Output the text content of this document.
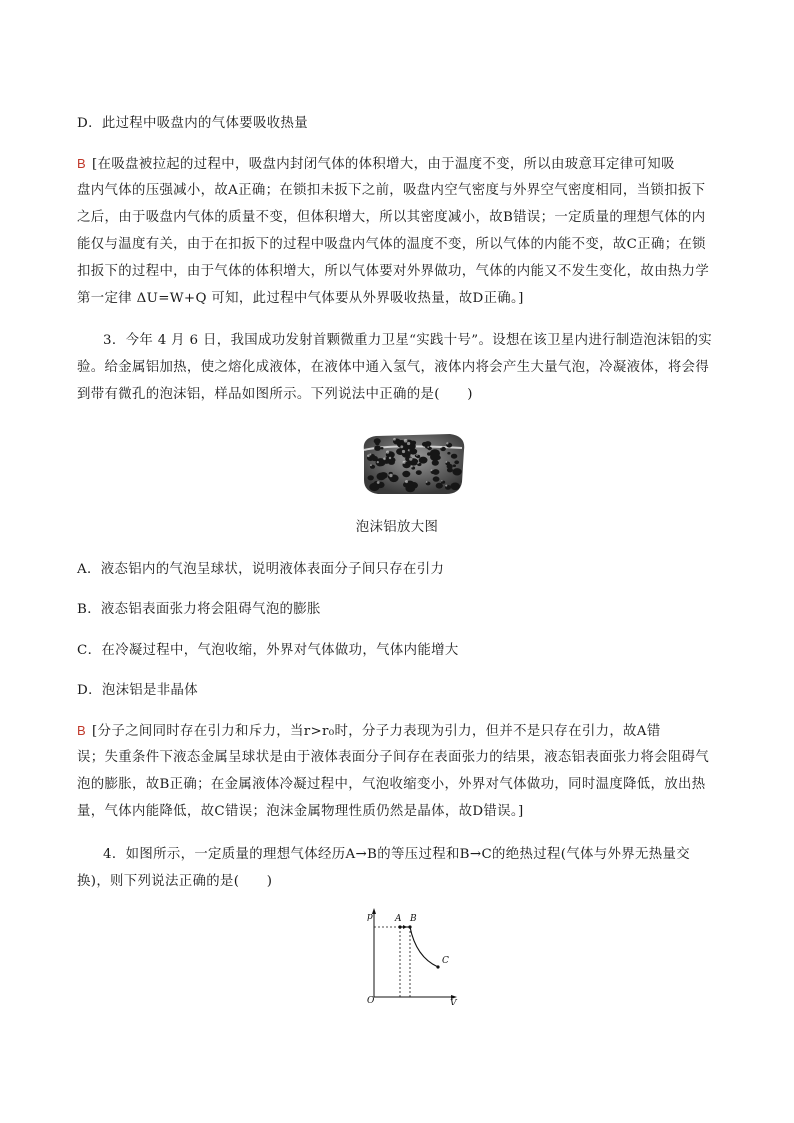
D．此过程中吸盘内的气体要吸收热量
B [在吸盘被拉起的过程中，吸盘内封闭气体的体积增大，由于温度不变，所以由玻意耳定律可知吸
盘内气体的压强减小，故A正确；在锁扣未扳下之前，吸盘内空气密度与外界空气密度相同，当锁扣扳下
之后，由于吸盘内气体的质量不变，但体积增大，所以其密度减小，故B错误；一定质量的理想气体的内
能仅与温度有关，由于在扣扳下的过程中吸盘内气体的温度不变，所以气体的内能不变，故C正确；在锁
扣扳下的过程中，由于气体的体积增大，所以气体要对外界做功，气体的内能又不发生变化，故由热力学
第一定律 ΔU=W+Q 可知，此过程中气体要从外界吸收热量，故D正确。]
3．今年 4 月 6 日，我国成功发射首颗微重力卫星“实践十号”。设想在该卫星内进行制造泡沫铝的实
验。给金属铝加热，使之熔化成液体，在液体中通入氢气，液体内将会产生大量气泡，冷凝液体，将会得
到带有微孔的泡沫铝，样品如图所示。下列说法中正确的是(　　)
泡沫铝放大图
A．液态铝内的气泡呈球状，说明液体表面分子间只存在引力
B．液态铝表面张力将会阻碍气泡的膨胀
C．在冷凝过程中，气泡收缩，外界对气体做功，气体内能增大
D．泡沫铝是非晶体
B [分子之间同时存在引力和斥力，当r>r₀时，分子力表现为引力，但并不是只存在引力，故A错
误；失重条件下液态金属呈球状是由于液体表面分子间存在表面张力的结果，液态铝表面张力将会阻碍气
泡的膨胀，故B正确；在金属液体冷凝过程中，气泡收缩变小，外界对气体做功，同时温度降低，放出热
量，气体内能降低，故C错误；泡沫金属物理性质仍然是晶体，故D错误。]
4．如图所示，一定质量的理想气体经历A→B的等压过程和B→C的绝热过程(气体与外界无热量交
换)，则下列说法正确的是(　　)
p
V
O
A B
C
